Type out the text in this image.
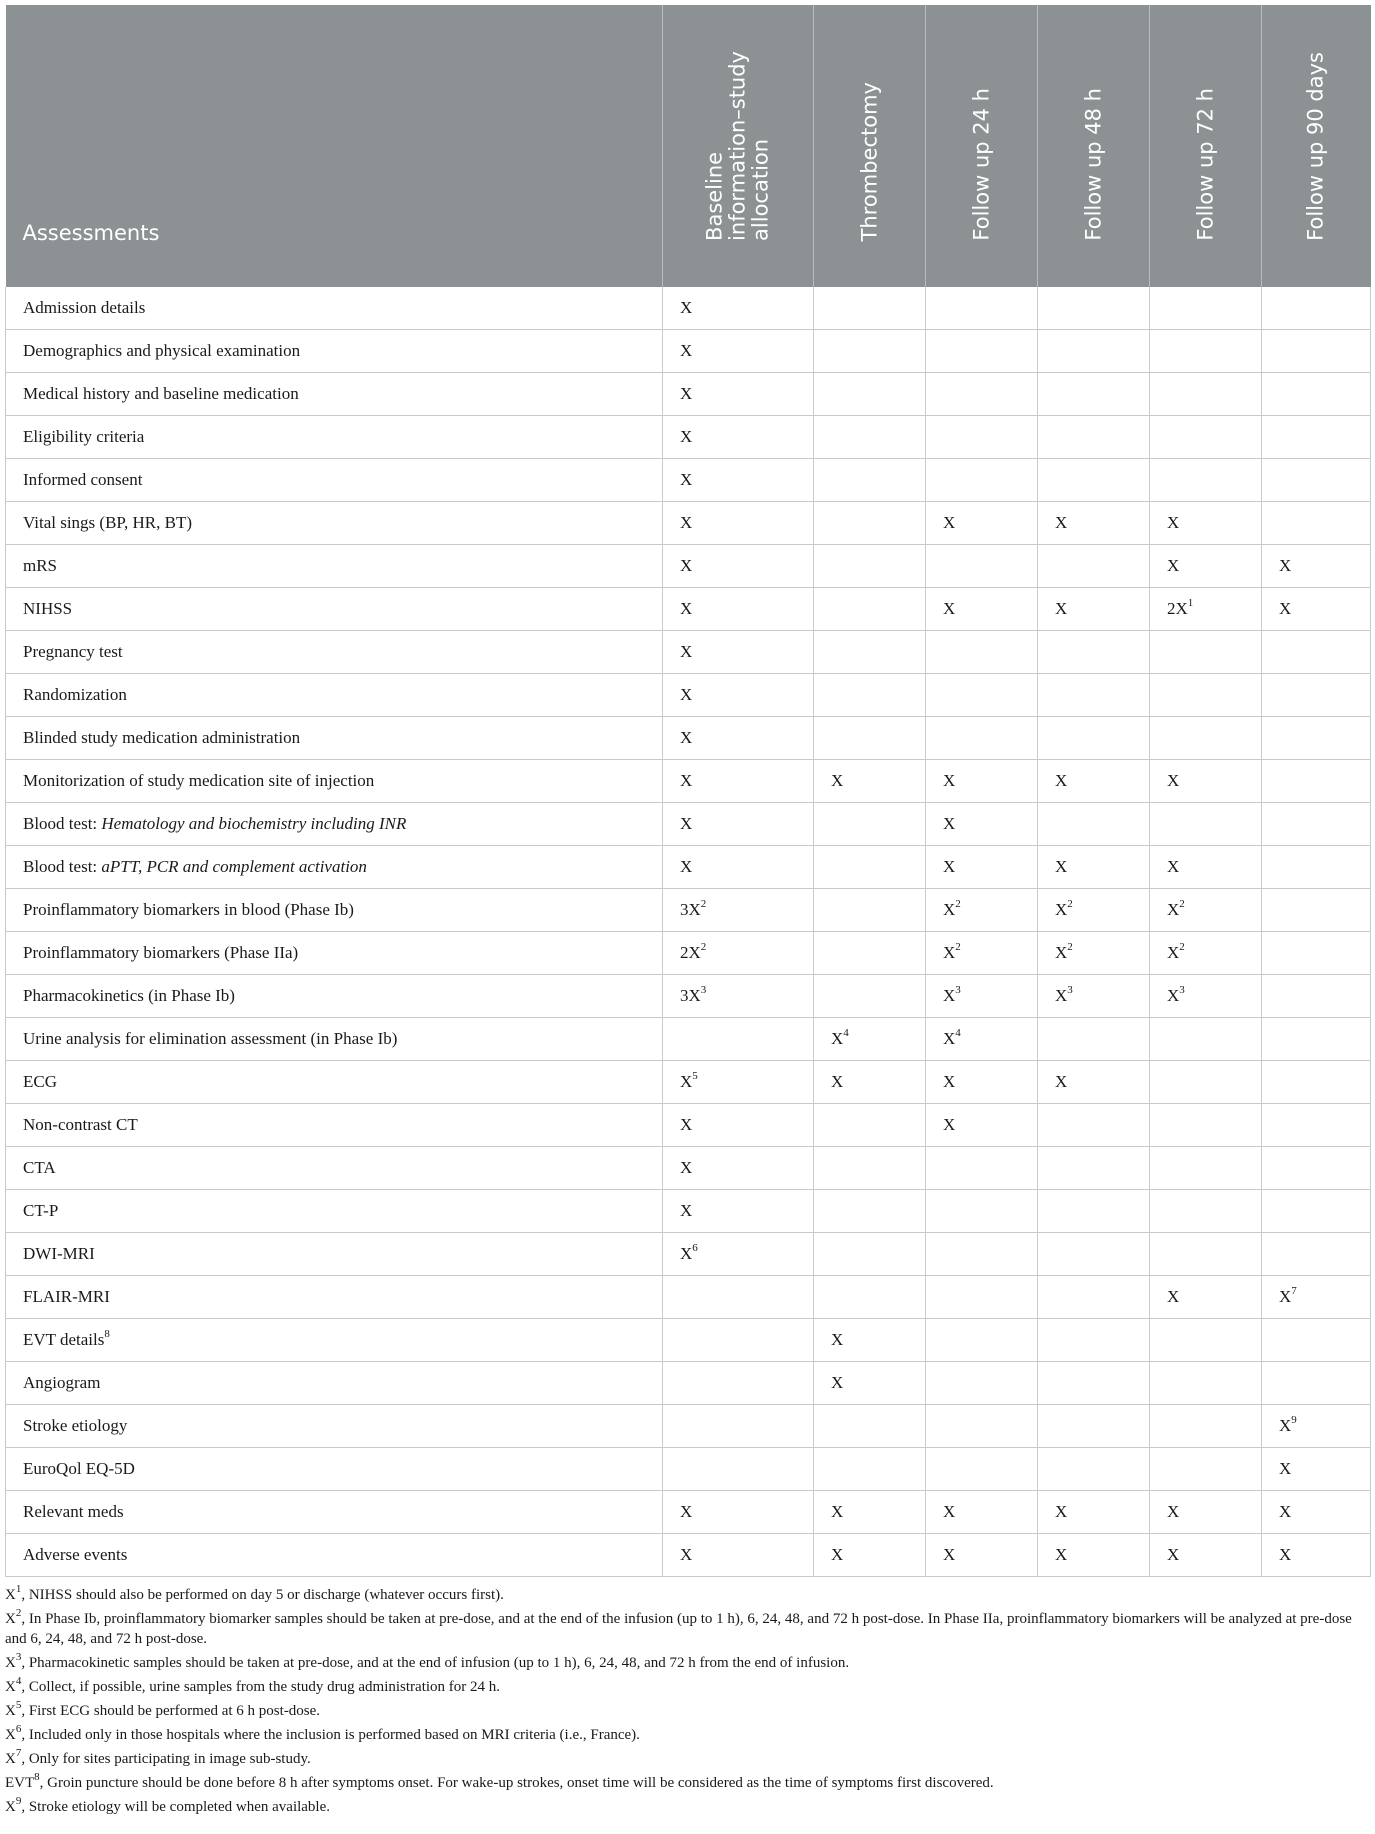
Assessments	Baseline
information–study
allocation	Thrombectomy	Follow up 24 h	Follow up 48 h	Follow up 72 h	Follow up 90 days

Admission details	X					
Demographics and physical examination	X					
Medical history and baseline medication	X					
Eligibility criteria	X					
Informed consent	X					
Vital sings (BP, HR, BT)	X		X	X	X	
mRS	X				X	X
NIHSS	X		X	X	$2X^1$	X
Pregnancy test	X					
Randomization	X					
Blinded study medication administration	X					
Monitorization of study medication site of injection	X	X	X	X	X	
Blood test: Hematology and biochemistry including INR	X		X			
Blood test: aPTT, PCR and complement activation	X		X	X	X	
Proinflammatory biomarkers in blood (Phase Ib)	$3X^2$		$X^2$	$X^2$	$X^2$	
Proinflammatory biomarkers (Phase IIa)	$2X^2$		$X^2$	$X^2$	$X^2$	
Pharmacokinetics (in Phase Ib)	$3X^3$		$X^3$	$X^3$	$X^3$	
Urine analysis for elimination assessment (in Phase Ib)		$X^4$	$X^4$			
ECG	$X^5$	X	X	X		
Non-contrast CT	X		X			
CTA	X					
CT-P	X					
DWI-MRI	$X^6$					
FLAIR-MRI					X	$X^7$
EVT details$^8$		X				
Angiogram		X				
Stroke etiology						$X^9$
EuroQol EQ-5D						X
Relevant meds	X	X	X	X	X	X
Adverse events	X	X	X	X	X	X

$X^1$, NIHSS should also be performed on day 5 or discharge (whatever occurs first).

$X^2$, In Phase Ib, proinflammatory biomarker samples should be taken at pre-dose, and at the end of the infusion (up to 1 h), 6, 24, 48, and 72 h post-dose. In Phase IIa, proinflammatory biomarkers will be analyzed at pre-dose and 6, 24, 48, and 72 h post-dose.

$X^3$, Pharmacokinetic samples should be taken at pre-dose, and at the end of infusion (up to 1 h), 6, 24, 48, and 72 h from the end of infusion.

$X^4$, Collect, if possible, urine samples from the study drug administration for 24 h.

$X^5$, First ECG should be performed at 6 h post-dose.

$X^6$, Included only in those hospitals where the inclusion is performed based on MRI criteria (i.e., France).

$X^7$, Only for sites participating in image sub-study.

EVT$^8$, Groin puncture should be done before 8 h after symptoms onset. For wake-up strokes, onset time will be considered as the time of symptoms first discovered.

$X^9$, Stroke etiology will be completed when available.
